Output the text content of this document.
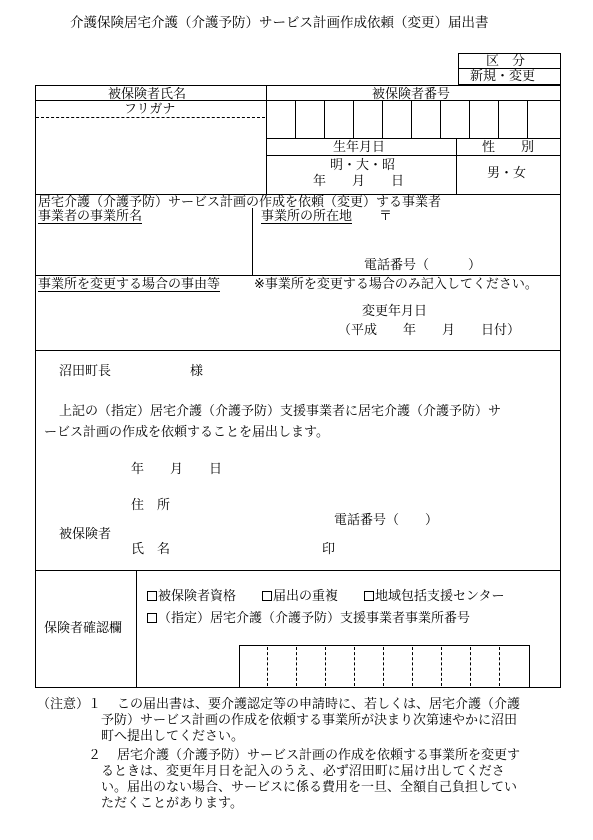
介護保険居宅介護（介護予防）サービス計画作成依頼（変更）届出書
区　分
新規・変更
被保険者氏名	被保険者番号
フリガナ
生年月日	性　　別
明・大・昭
年　　月　　日
男・女
居宅介護（介護予防）サービス計画の作成を依頼（変更）する事業者
事業者の事業所名	事業所の所在地 〒
電話番号（　　　）
事業所を変更する場合の事由等	※事業所を変更する場合のみ記入してください。
変更年月日
（平成　　年　　月　　日付）
沼田町長	様
上記の（指定）居宅介護（介護予防）支援事業者に居宅介護（介護予防）サ
ービス計画の作成を依頼することを届出します。
年　　月　　日
住　所
電話番号（　　）
被保険者
氏　名	印
保険者確認欄
被保険者資格	届出の重複	地域包括支援センター
（指定）居宅介護（介護予防）支援事業者事業所番号
（注意）
１ この届出書は、要介護認定等の申請時に、若しくは、居宅介護（介護
予防）サービス計画の作成を依頼する事業所が決まり次第速やかに沼田
町へ提出してください。
２ 居宅介護（介護予防）サービス計画の作成を依頼する事業所を変更す
るときは、変更年月日を記入のうえ、必ず沼田町に届け出してくださ
い。届出のない場合、サービスに係る費用を一旦、全額自己負担してい
ただくことがあります。
